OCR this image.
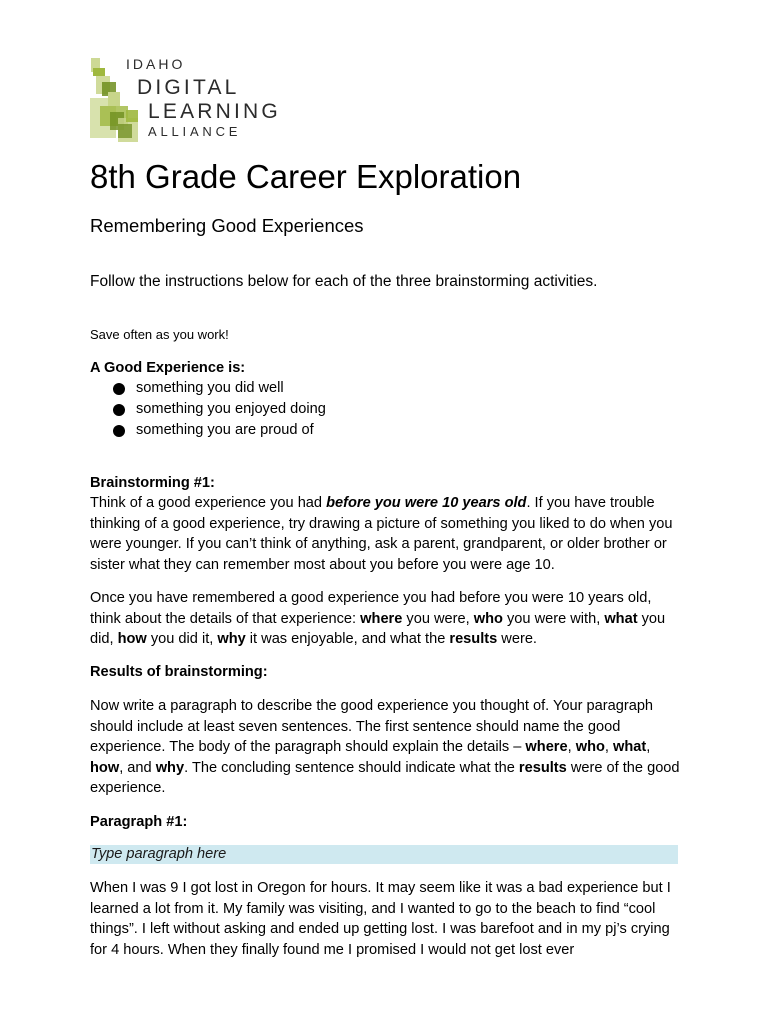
IDAHO
DIGITAL
LEARNING
ALLIANCE
8th Grade Career Exploration
Remembering Good Experiences
Follow the instructions below for each of the three brainstorming activities.
Save often as you work!
A Good Experience is:
something you did well
something you enjoyed doing
something you are proud of
Brainstorming #1:
Think of a good experience you had before you were 10 years old. If you have trouble thinking of a good experience, try drawing a picture of something you liked to do when you were younger. If you can’t think of anything, ask a parent, grandparent, or older brother or sister what they can remember most about you before you were age 10.
Once you have remembered a good experience you had before you were 10 years old, think about the details of that experience: where you were, who you were with, what you did, how you did it, why it was enjoyable, and what the results were.
Results of brainstorming:
Now write a paragraph to describe the good experience you thought of. Your paragraph should include at least seven sentences. The first sentence should name the good experience. The body of the paragraph should explain the details – where, who, what, how, and why. The concluding sentence should indicate what the results were of the good experience.
Paragraph #1:
Type paragraph here
When I was 9 I got lost in Oregon for hours. It may seem like it was a bad experience but I learned a lot from it. My family was visiting, and I wanted to go to the beach to find “cool things”. I left without asking and ended up getting lost. I was barefoot and in my pj’s crying for 4 hours. When they finally found me I promised I would not get lost ever
